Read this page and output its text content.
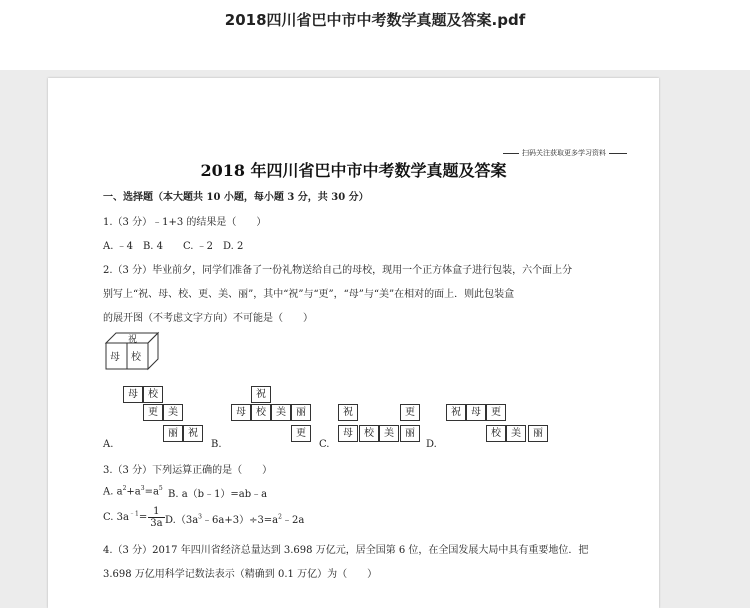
2018四川省巴中市中考数学真题及答案.pdf
扫码关注获取更多学习资料
2018 年四川省巴中市中考数学真题及答案
一、选择题（本大题共 10 小题，每小题 3 分，共 30 分）
1.（3 分）﹣1+3 的结果是（　　）
A. ﹣4　B. 4　　C. ﹣2　D. 2
2.（3 分）毕业前夕，同学们准备了一份礼物送给自己的母校，现用一个正方体盒子进行包装，六个面上分
别写上“祝、母、校、更、美、丽”，其中“祝”与“更”，“母”与“美”在相对的面上．则此包装盒
的展开图（不考虑文字方向）不可能是（　　）
祝
母 校
母	校
更	美
丽	祝
A.
祝
母	校	美	丽
更
B.
祝	更
母	校	美	丽
C.
祝	母	更
校	美	丽
D.
3.（3 分）下列运算正确的是（　　）
A. $a^2+a^3=a^5$
B. a（b﹣1）=ab﹣a
C. $3a^{﹣1}= \frac{1}{3a}$ $D.(3a^3﹣6a+3)\div 3=a^2﹣2a$
4.（3 分）2017 年四川省经济总量达到 3.698 万亿元，居全国第 6 位，在全国发展大局中具有重要地位．把
3.698 万亿用科学记数法表示（精确到 0.1 万亿）为（　　）
